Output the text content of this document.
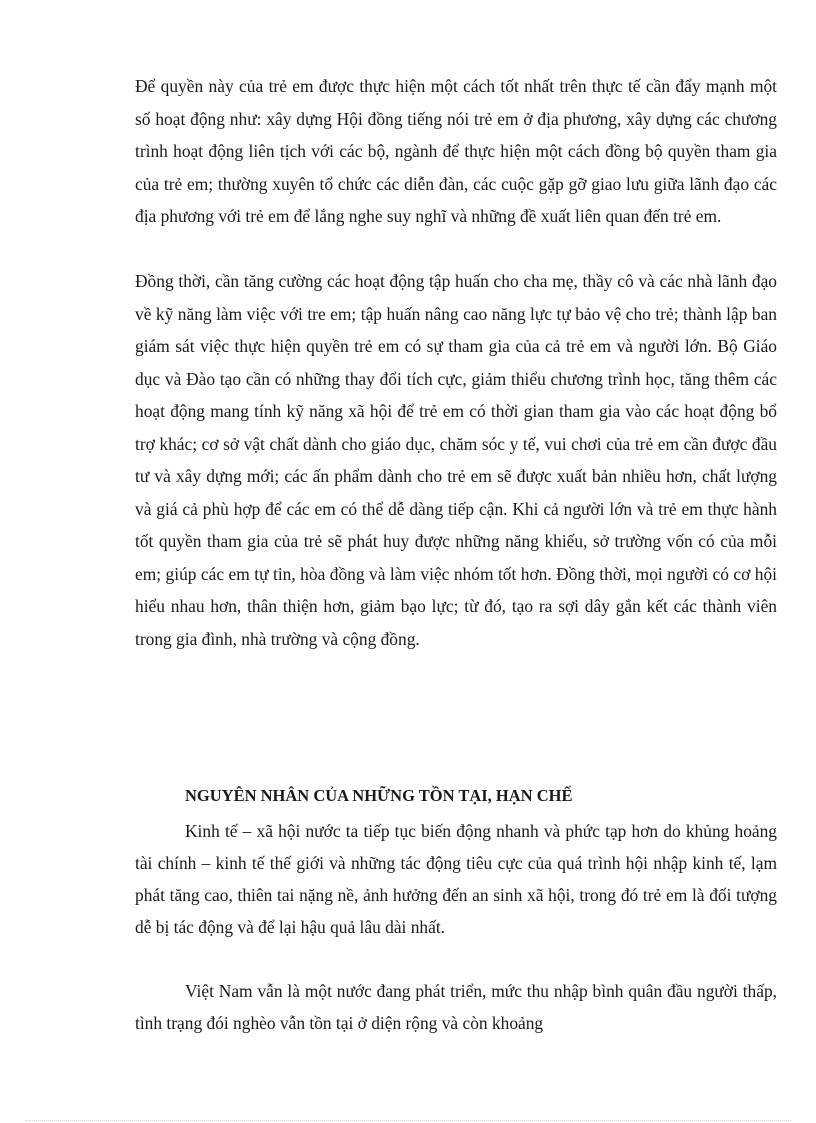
Để quyền này của trẻ em được thực hiện một cách tốt nhất trên thực tế cần đẩy mạnh một số hoạt động như: xây dựng Hội đồng tiếng nói trẻ em ở địa phương, xây dựng các chương trình hoạt động liên tịch với các bộ, ngành để thực hiện một cách đồng bộ quyền tham gia của trẻ em; thường xuyên tổ chức các diễn đàn, các cuộc gặp gỡ giao lưu giữa lãnh đạo các địa phương với trẻ em để lắng nghe suy nghĩ và những đề xuất liên quan đến trẻ em.

Đồng thời, cần tăng cường các hoạt động tập huấn cho cha mẹ, thầy cô và các nhà lãnh đạo về kỹ năng làm việc với tre em; tập huấn nâng cao năng lực tự bảo vệ cho trẻ; thành lập ban giám sát việc thực hiện quyền trẻ em có sự tham gia của cả trẻ em và người lớn. Bộ Giáo dục và Đào tạo cần có những thay đổi tích cực, giảm thiểu chương trình học, tăng thêm các hoạt động mang tính kỹ năng xã hội để trẻ em có thời gian tham gia vào các hoạt động bổ trợ khác; cơ sở vật chất dành cho giáo dục, chăm sóc y tế, vui chơi của trẻ em cần được đầu tư và xây dựng mới; các ấn phẩm dành cho trẻ em sẽ được xuất bản nhiều hơn, chất lượng và giá cả phù hợp để các em có thể dễ dàng tiếp cận. Khi cả người lớn và trẻ em thực hành tốt quyền tham gia của trẻ sẽ phát huy được những năng khiếu, sở trường vốn có của mỗi em; giúp các em tự tin, hòa đồng và làm việc nhóm tốt hơn. Đồng thời, mọi người có cơ hội hiểu nhau hơn, thân thiện hơn, giảm bạo lực; từ đó, tạo ra sợi dây gắn kết các thành viên trong gia đình, nhà trường và cộng đồng.

NGUYÊN NHÂN CỦA NHỮNG TỒN TẠI, HẠN CHẾ

Kinh tế – xã hội nước ta tiếp tục biến động nhanh và phức tạp hơn do khủng hoảng tài chính – kinh tế thế giới và những tác động tiêu cực của quá trình hội nhập kinh tế, lạm phát tăng cao, thiên tai nặng nề, ảnh hưởng đến an sinh xã hội, trong đó trẻ em là đối tượng dễ bị tác động và để lại hậu quả lâu dài nhất.

Việt Nam vẫn là một nước đang phát triển, mức thu nhập bình quân đầu người thấp, tình trạng đói nghèo vẫn tồn tại ở diện rộng và còn khoảng
